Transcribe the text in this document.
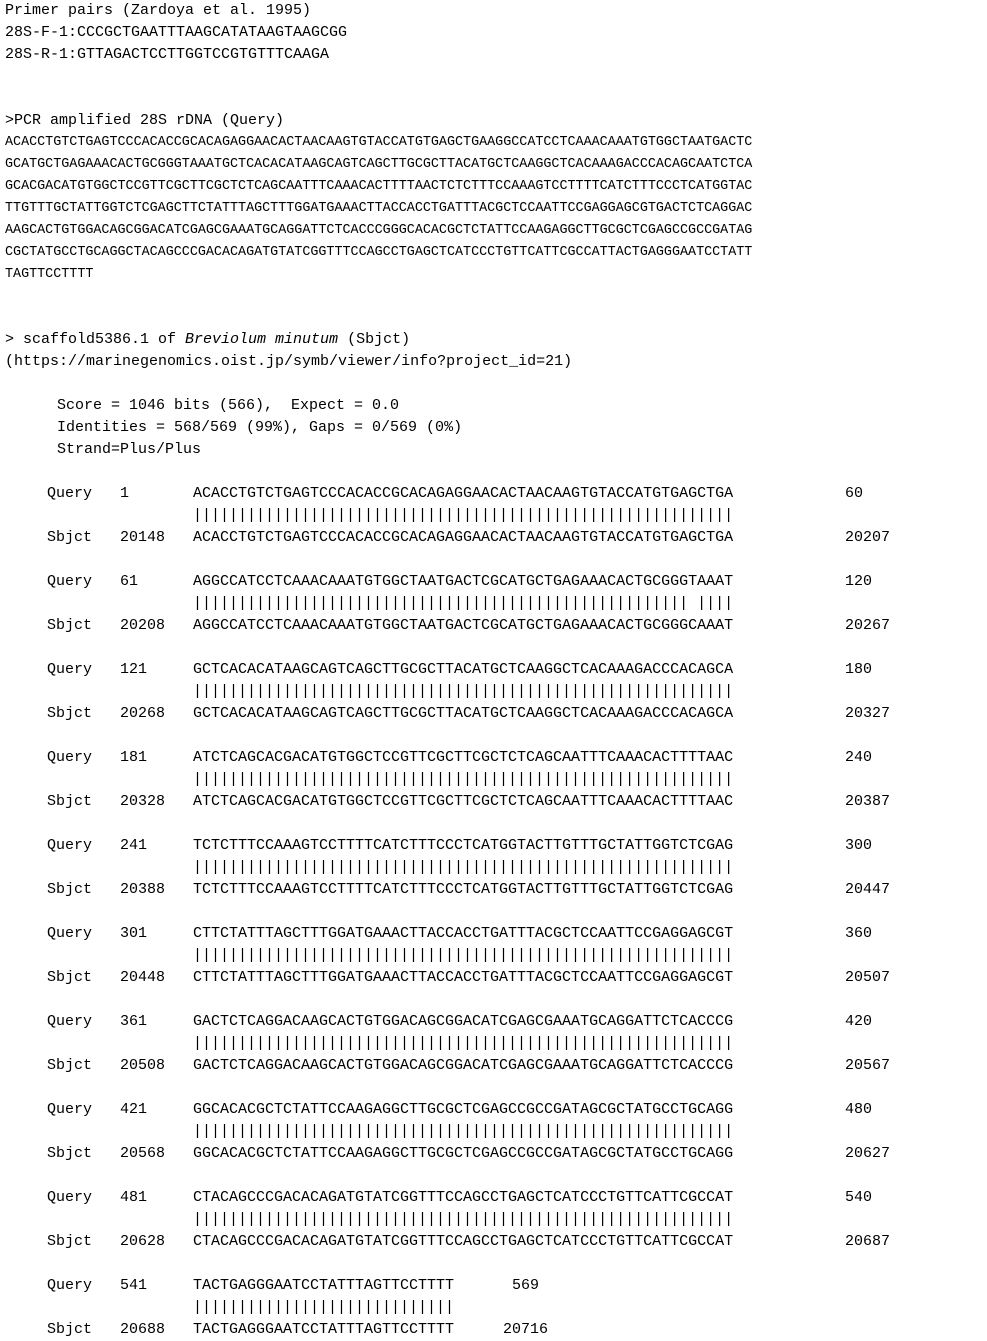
Primer pairs (Zardoya et al. 1995)
28S-F-1:CCCGCTGAATTTAAGCATATAAGTAAGCGG
28S-R-1:GTTAGACTCCTTGGTCCGTGTTTCAAGA
>PCR amplified 28S rDNA (Query)
ACACCTGTCTGAGTCCCACACCGCACAGAGGAACACTAACAAGTGTACCATGTGAGCTGAAGGCCATCCTCAAACAAATGTGGCTAATGACTC
GCATGCTGAGAAACACTGCGGGTAAATGCTCACACATAAGCAGTCAGCTTGCGCTTACATGCTCAAGGCTCACAAAGACCCACAGCAATCTCA
GCACGACATGTGGCTCCGTTCGCTTCGCTCTCAGCAATTTCAAACACTTTTAACTCTCTTTCCAAAGTCCTTTTCATCTTTCCCTCATGGTAC
TTGTTTGCTATTGGTCTCGAGCTTCTATTTAGCTTTGGATGAAACTTACCACCTGATTTACGCTCCAATTCCGAGGAGCGTGACTCTCAGGAC
AAGCACTGTGGACAGCGGACATCGAGCGAAATGCAGGATTCTCACCCGGGCACACGCTCTATTCCAAGAGGCTTGCGCTCGAGCCGCCGATAG
CGCTATGCCTGCAGGCTACAGCCCGACACAGATGTATCGGTTTCCAGCCTGAGCTCATCCCTGTTCATTCGCCATTACTGAGGGAATCCTATT
TAGTTCCTTTT
> scaffold5386.1 of Breviolum minutum (Sbjct)
(https://marinegenomics.oist.jp/symb/viewer/info?project_id=21)
Score = 1046 bits (566),  Expect = 0.0
Identities = 568/569 (99%), Gaps = 0/569 (0%)
Strand=Plus/Plus
Query 1	ACACCTGTCTGAGTCCCACACCGCACAGAGGAACACTAACAAGTGTACCATGTGAGCTGA	60
||||||||||||||||||||||||||||||||||||||||||||||||||||||||||||
Sbjct 20148 ACACCTGTCTGAGTCCCACACCGCACAGAGGAACACTAACAAGTGTACCATGTGAGCTGA	20207
Query 61	AGGCCATCCTCAAACAAATGTGGCTAATGACTCGCATGCTGAGAAACACTGCGGGTAAAT	120
||||||||||||||||||||||||||||||||||||||||||||||||||||||| ||||
Sbjct 20208 AGGCCATCCTCAAACAAATGTGGCTAATGACTCGCATGCTGAGAAACACTGCGGGCAAAT	20267
Query 121	GCTCACACATAAGCAGTCAGCTTGCGCTTACATGCTCAAGGCTCACAAAGACCCACAGCA	180
||||||||||||||||||||||||||||||||||||||||||||||||||||||||||||
Sbjct 20268 GCTCACACATAAGCAGTCAGCTTGCGCTTACATGCTCAAGGCTCACAAAGACCCACAGCA	20327
Query 181	ATCTCAGCACGACATGTGGCTCCGTTCGCTTCGCTCTCAGCAATTTCAAACACTTTTAAC	240
||||||||||||||||||||||||||||||||||||||||||||||||||||||||||||
Sbjct 20328 ATCTCAGCACGACATGTGGCTCCGTTCGCTTCGCTCTCAGCAATTTCAAACACTTTTAAC	20387
Query 241	TCTCTTTCCAAAGTCCTTTTCATCTTTCCCTCATGGTACTTGTTTGCTATTGGTCTCGAG	300
||||||||||||||||||||||||||||||||||||||||||||||||||||||||||||
Sbjct 20388 TCTCTTTCCAAAGTCCTTTTCATCTTTCCCTCATGGTACTTGTTTGCTATTGGTCTCGAG	20447
Query 301	CTTCTATTTAGCTTTGGATGAAACTTACCACCTGATTTACGCTCCAATTCCGAGGAGCGT	360
||||||||||||||||||||||||||||||||||||||||||||||||||||||||||||
Sbjct 20448 CTTCTATTTAGCTTTGGATGAAACTTACCACCTGATTTACGCTCCAATTCCGAGGAGCGT	20507
Query 361	GACTCTCAGGACAAGCACTGTGGACAGCGGACATCGAGCGAAATGCAGGATTCTCACCCG	420
||||||||||||||||||||||||||||||||||||||||||||||||||||||||||||
Sbjct 20508 GACTCTCAGGACAAGCACTGTGGACAGCGGACATCGAGCGAAATGCAGGATTCTCACCCG	20567
Query 421	GGCACACGCTCTATTCCAAGAGGCTTGCGCTCGAGCCGCCGATAGCGCTATGCCTGCAGG	480
||||||||||||||||||||||||||||||||||||||||||||||||||||||||||||
Sbjct 20568 GGCACACGCTCTATTCCAAGAGGCTTGCGCTCGAGCCGCCGATAGCGCTATGCCTGCAGG	20627
Query 481	CTACAGCCCGACACAGATGTATCGGTTTCCAGCCTGAGCTCATCCCTGTTCATTCGCCAT	540
||||||||||||||||||||||||||||||||||||||||||||||||||||||||||||
Sbjct 20628 CTACAGCCCGACACAGATGTATCGGTTTCCAGCCTGAGCTCATCCCTGTTCATTCGCCAT	20687
Query 541	TACTGAGGGAATCCTATTTAGTTCCTTTT	569
|||||||||||||||||||||||||||||
Sbjct 20688 TACTGAGGGAATCCTATTTAGTTCCTTTT	20716
